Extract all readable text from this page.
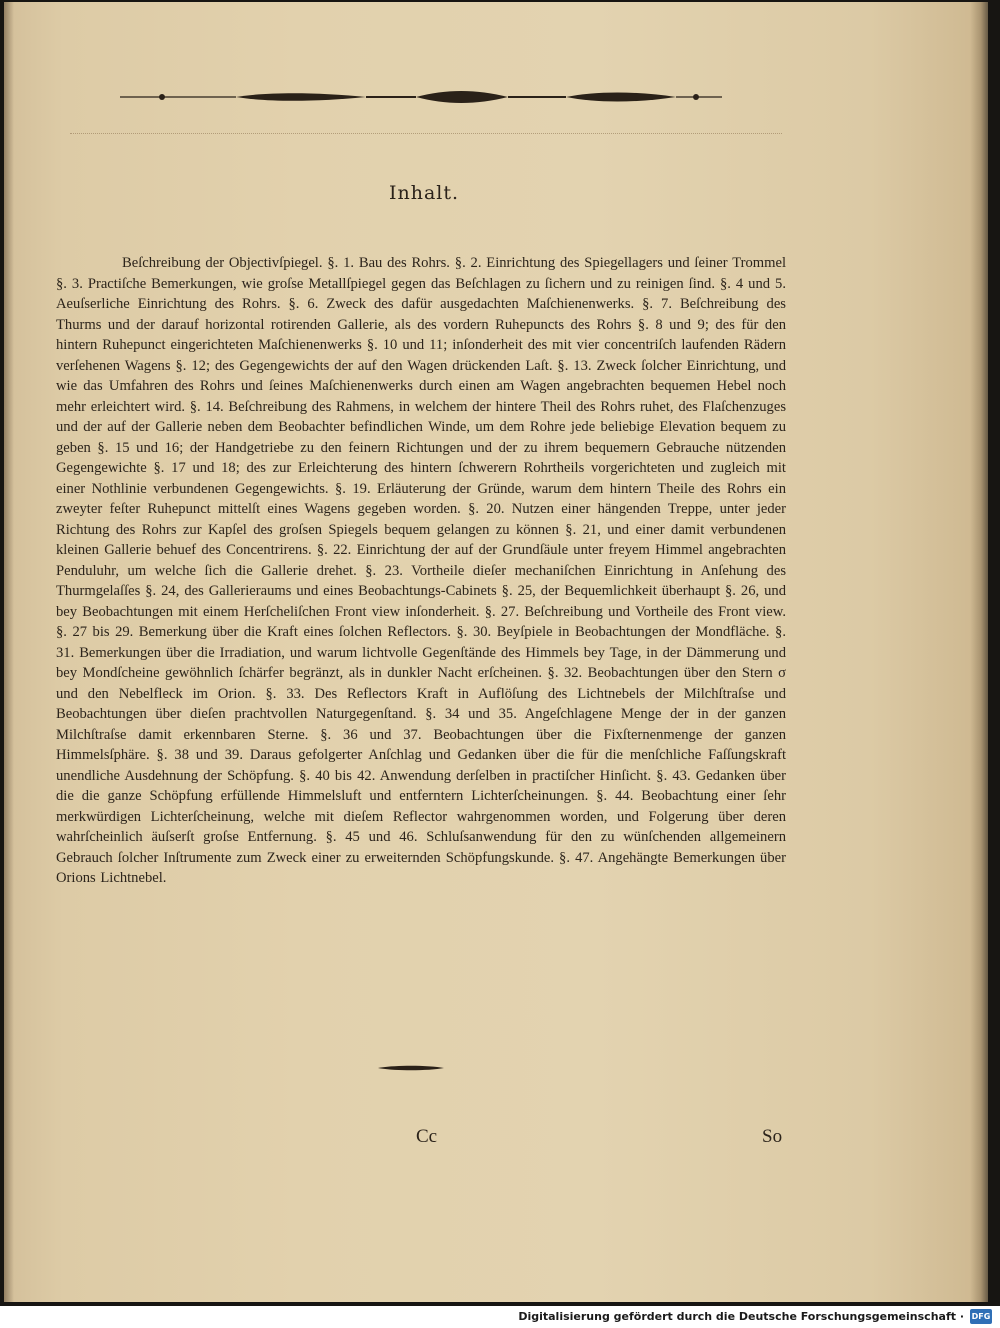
Inhalt.

Beſchreibung der Objectivſpiegel. §. 1. Bau des Rohrs. §. 2. Einrichtung des Spiegellagers und ſeiner Trommel §. 3. Practiſche Bemerkungen, wie groſse Metallſpiegel gegen das Beſchlagen zu ſichern und zu reinigen ſind. §. 4 und 5. Aeuſserliche Einrichtung des Rohrs. §. 6. Zweck des dafür ausgedachten Maſchienenwerks. §. 7. Beſchreibung des Thurms und der darauf horizontal rotirenden Gallerie, als des vordern Ruhepuncts des Rohrs §. 8 und 9; des für den hintern Ruhepunct eingerichteten Maſchienenwerks §. 10 und 11; inſonderheit des mit vier concentriſch laufenden Rädern verſehenen Wagens §. 12; des Gegengewichts der auf den Wagen drückenden Laſt. §. 13. Zweck ſolcher Einrichtung, und wie das Umfahren des Rohrs und ſeines Maſchienenwerks durch einen am Wagen angebrachten bequemen Hebel noch mehr erleichtert wird. §. 14. Beſchreibung des Rahmens, in welchem der hintere Theil des Rohrs ruhet, des Flaſchenzuges und der auf der Gallerie neben dem Beobachter befindlichen Winde, um dem Rohre jede beliebige Elevation bequem zu geben §. 15 und 16; der Handgetriebe zu den feinern Richtungen und der zu ihrem bequemern Gebrauche nützenden Gegengewichte §. 17 und 18; des zur Erleichterung des hintern ſchwerern Rohrtheils vorgerichteten und zugleich mit einer Nothlinie verbundenen Gegengewichts. §. 19. Erläuterung der Gründe, warum dem hintern Theile des Rohrs ein zweyter feſter Ruhepunct mittelſt eines Wagens gegeben worden. §. 20. Nutzen einer hängenden Treppe, unter jeder Richtung des Rohrs zur Kapſel des groſsen Spiegels bequem gelangen zu können §. 21, und einer damit verbundenen kleinen Gallerie behuef des Concentrirens. §. 22. Einrichtung der auf der Grundſäule unter freyem Himmel angebrachten Penduluhr, um welche ſich die Gallerie drehet. §. 23. Vortheile dieſer mechaniſchen Einrichtung in Anſehung des Thurmgelaſſes §. 24, des Gallerieraums und eines Beobachtungs-Cabinets §. 25, der Bequemlichkeit überhaupt §. 26, und bey Beobachtungen mit einem Herſcheliſchen Front view inſonderheit. §. 27. Beſchreibung und Vortheile des Front view. §. 27 bis 29. Bemerkung über die Kraft eines ſolchen Reflectors. §. 30. Beyſpiele in Beobachtungen der Mondfläche. §. 31. Bemerkungen über die Irradiation, und warum lichtvolle Gegenſtände des Himmels bey Tage, in der Dämmerung und bey Mondſcheine gewöhnlich ſchärfer begränzt, als in dunkler Nacht erſcheinen. §. 32. Beobachtungen über den Stern σ und den Nebelfleck im Orion. §. 33. Des Reflectors Kraft in Auflöſung des Lichtnebels der Milchſtraſse und Beobachtungen über dieſen prachtvollen Naturgegenſtand. §. 34 und 35. Angeſchlagene Menge der in der ganzen Milchſtraſse damit erkennbaren Sterne. §. 36 und 37. Beobachtungen über die Fixſternenmenge der ganzen Himmelsſphäre. §. 38 und 39. Daraus gefolgerter Anſchlag und Gedanken über die für die menſchliche Faſſungskraft unendliche Ausdehnung der Schöpfung. §. 40 bis 42. Anwendung derſelben in practiſcher Hinſicht. §. 43. Gedanken über die die ganze Schöpfung erfüllende Himmelsluft und entferntern Lichterſcheinungen. §. 44. Beobachtung einer ſehr merkwürdigen Lichterſcheinung, welche mit dieſem Reflector wahrgenommen worden, und Folgerung über deren wahrſcheinlich äuſserſt groſse Entfernung. §. 45 und 46. Schluſsanwendung für den zu wünſchenden allgemeinern Gebrauch ſolcher Inſtrumente zum Zweck einer zu erweiternden Schöpfungskunde. §. 47. Angehängte Bemerkungen über Orions Lichtnebel.

Cc	So
Digitalisierung gefördert durch die Deutsche Forschungsgemeinschaft · DFG
